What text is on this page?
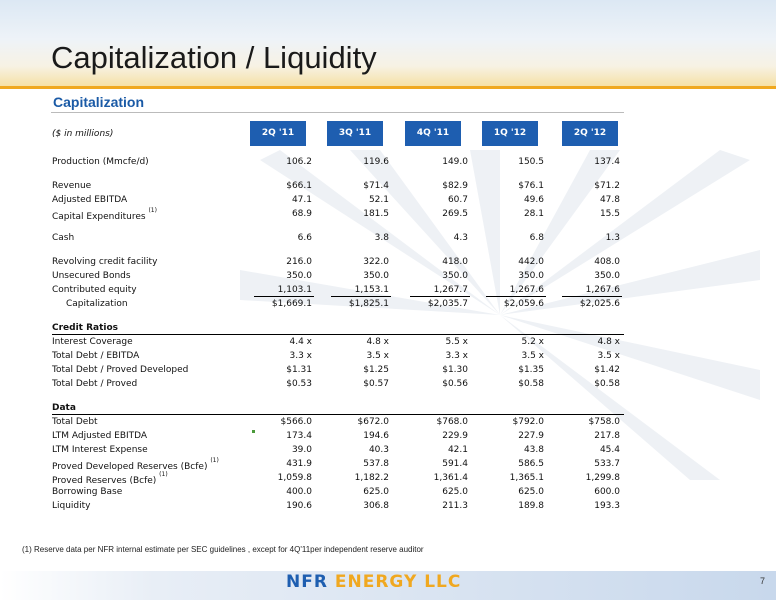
Capitalization / Liquidity
Capitalization
($ in millions)	2Q '11	3Q '11	4Q '11	1Q '12	2Q '12
Production (Mmcfe/d)	106.2	119.6	149.0	150.5	137.4
Revenue	$66.1	$71.4	$82.9	$76.1	$71.2
Adjusted EBITDA	47.1	52.1	60.7	49.6	47.8
Capital Expenditures $^{(1)}$	68.9	181.5	269.5	28.1	15.5
Cash	6.6	3.8	4.3	6.8	1.3
Revolving credit facility	216.0	322.0	418.0	442.0	408.0
Unsecured Bonds	350.0	350.0	350.0	350.0	350.0
Contributed equity	1,103.1	1,153.1	1,267.7	1,267.6	1,267.6
Capitalization	$1,669.1	$1,825.1	$2,035.7	$2,059.6	$2,025.6
Credit Ratios
Interest Coverage	4.4 x	4.8 x	5.5 x	5.2 x	4.8 x
Total Debt / EBITDA	3.3 x	3.5 x	3.3 x	3.5 x	3.5 x
Total Debt / Proved Developed	$1.31	$1.25	$1.30	$1.35	$1.42
Total Debt / Proved	$0.53	$0.57	$0.56	$0.58	$0.58
Data
Total Debt	$566.0	$672.0	$768.0	$792.0	$758.0
LTM Adjusted EBITDA	173.4	194.6	229.9	227.9	217.8
LTM Interest Expense	39.0	40.3	42.1	43.8	45.4
Proved Developed Reserves (Bcfe) $^{(1)}$	431.9	537.8	591.4	586.5	533.7
Proved Reserves (Bcfe) $^{(1)}$	1,059.8	1,182.2	1,361.4	1,365.1	1,299.8
Borrowing Base	400.0	625.0	625.0	625.0	600.0
Liquidity	190.6	306.8	211.3	189.8	193.3
(1) Reserve data per NFR internal estimate per SEC guidelines , except for 4Q'11per independent reserve auditor
NFR ENERGY LLC	7
